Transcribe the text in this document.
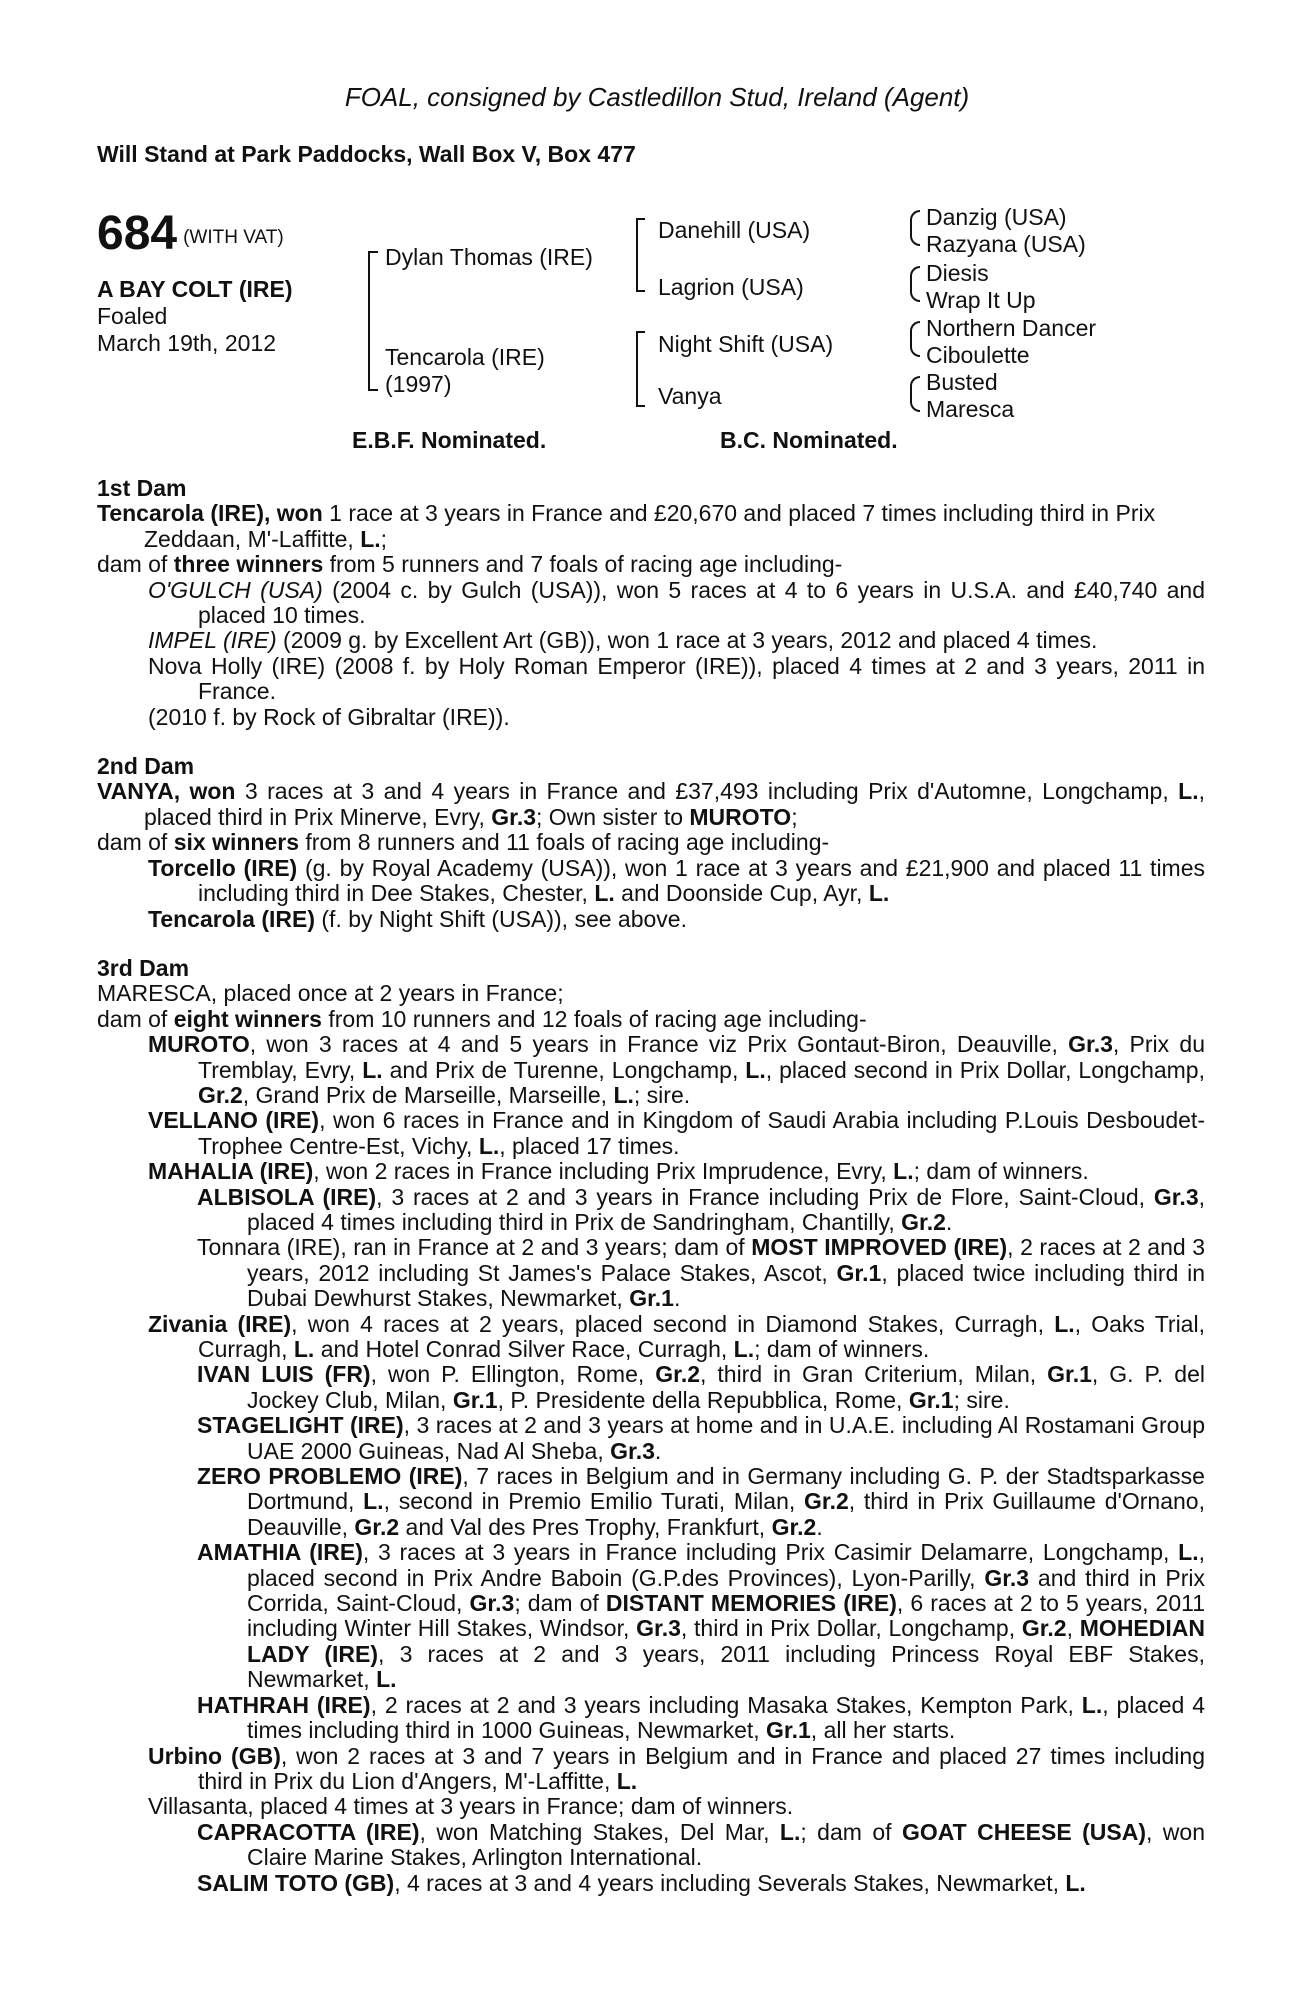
FOAL, consigned by Castledillon Stud, Ireland (Agent)
Will Stand at Park Paddocks, Wall Box V, Box 477
684 (WITH VAT)
A BAY COLT (IRE)
Foaled
March 19th, 2012
Dylan Thomas (IRE)
Tencarola (IRE)
(1997)
Danehill (USA)
Lagrion (USA)
Night Shift (USA)
Vanya
Danzig (USA)
Razyana (USA)
Diesis
Wrap It Up
Northern Dancer
Ciboulette
Busted
Maresca
E.B.F. Nominated.	B.C. Nominated.
1st Dam
Tencarola (IRE), won 1 race at 3 years in France and £20,670 and placed 7 times including third in Prix Zeddaan, M'-Laffitte, L.;
dam of three winners from 5 runners and 7 foals of racing age including-
O'GULCH (USA) (2004 c. by Gulch (USA)), won 5 races at 4 to 6 years in U.S.A. and £40,740 and placed 10 times.
IMPEL (IRE) (2009 g. by Excellent Art (GB)), won 1 race at 3 years, 2012 and placed 4 times.
Nova Holly (IRE) (2008 f. by Holy Roman Emperor (IRE)), placed 4 times at 2 and 3 years, 2011 in France.
(2010 f. by Rock of Gibraltar (IRE)).
2nd Dam
VANYA, won 3 races at 3 and 4 years in France and £37,493 including Prix d'Automne, Longchamp, L., placed third in Prix Minerve, Evry, Gr.3; Own sister to MUROTO;
dam of six winners from 8 runners and 11 foals of racing age including-
Torcello (IRE) (g. by Royal Academy (USA)), won 1 race at 3 years and £21,900 and placed 11 times including third in Dee Stakes, Chester, L. and Doonside Cup, Ayr, L.
Tencarola (IRE) (f. by Night Shift (USA)), see above.
3rd Dam
MARESCA, placed once at 2 years in France;
dam of eight winners from 10 runners and 12 foals of racing age including-
MUROTO, won 3 races at 4 and 5 years in France viz Prix Gontaut-Biron, Deauville, Gr.3, Prix du Tremblay, Evry, L. and Prix de Turenne, Longchamp, L., placed second in Prix Dollar, Longchamp, Gr.2, Grand Prix de Marseille, Marseille, L.; sire.
VELLANO (IRE), won 6 races in France and in Kingdom of Saudi Arabia including P.Louis Desboudet- Trophee Centre-Est, Vichy, L., placed 17 times.
MAHALIA (IRE), won 2 races in France including Prix Imprudence, Evry, L.; dam of winners.
ALBISOLA (IRE), 3 races at 2 and 3 years in France including Prix de Flore, Saint-Cloud, Gr.3, placed 4 times including third in Prix de Sandringham, Chantilly, Gr.2.
Tonnara (IRE), ran in France at 2 and 3 years; dam of MOST IMPROVED (IRE), 2 races at 2 and 3 years, 2012 including St James's Palace Stakes, Ascot, Gr.1, placed twice including third in Dubai Dewhurst Stakes, Newmarket, Gr.1.
Zivania (IRE), won 4 races at 2 years, placed second in Diamond Stakes, Curragh, L., Oaks Trial, Curragh, L. and Hotel Conrad Silver Race, Curragh, L.; dam of winners.
IVAN LUIS (FR), won P. Ellington, Rome, Gr.2, third in Gran Criterium, Milan, Gr.1, G. P. del Jockey Club, Milan, Gr.1, P. Presidente della Repubblica, Rome, Gr.1; sire.
STAGELIGHT (IRE), 3 races at 2 and 3 years at home and in U.A.E. including Al Rostamani Group UAE 2000 Guineas, Nad Al Sheba, Gr.3.
ZERO PROBLEMO (IRE), 7 races in Belgium and in Germany including G. P. der Stadtsparkasse Dortmund, L., second in Premio Emilio Turati, Milan, Gr.2, third in Prix Guillaume d'Ornano, Deauville, Gr.2 and Val des Pres Trophy, Frankfurt, Gr.2.
AMATHIA (IRE), 3 races at 3 years in France including Prix Casimir Delamarre, Longchamp, L., placed second in Prix Andre Baboin (G.P.des Provinces), Lyon-Parilly, Gr.3 and third in Prix Corrida, Saint-Cloud, Gr.3; dam of DISTANT MEMORIES (IRE), 6 races at 2 to 5 years, 2011 including Winter Hill Stakes, Windsor, Gr.3, third in Prix Dollar, Longchamp, Gr.2, MOHEDIAN LADY (IRE), 3 races at 2 and 3 years, 2011 including Princess Royal EBF Stakes, Newmarket, L.
HATHRAH (IRE), 2 races at 2 and 3 years including Masaka Stakes, Kempton Park, L., placed 4 times including third in 1000 Guineas, Newmarket, Gr.1, all her starts.
Urbino (GB), won 2 races at 3 and 7 years in Belgium and in France and placed 27 times including third in Prix du Lion d'Angers, M'-Laffitte, L.
Villasanta, placed 4 times at 3 years in France; dam of winners.
CAPRACOTTA (IRE), won Matching Stakes, Del Mar, L.; dam of GOAT CHEESE (USA), won Claire Marine Stakes, Arlington International.
SALIM TOTO (GB), 4 races at 3 and 4 years including Severals Stakes, Newmarket, L.
